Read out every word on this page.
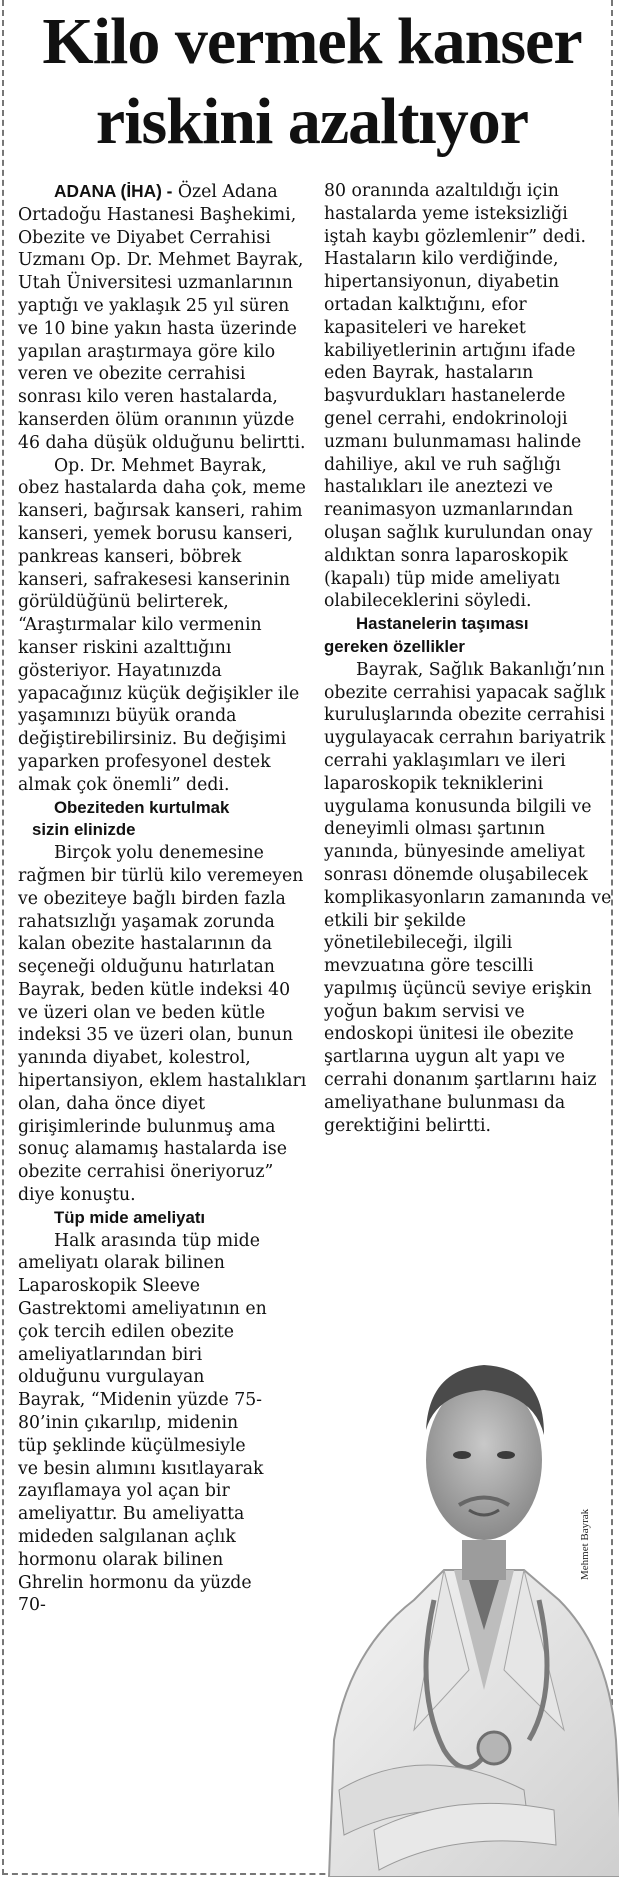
Kilo vermek kanser
riskini azaltıyor

ADANA (İHA) - Özel Adana Ortadoğu Hastanesi Başhekimi, Obezite ve Diyabet Cerrahisi Uzmanı Op. Dr. Mehmet Bayrak, Utah Üniversitesi uzmanlarının yaptığı ve yaklaşık 25 yıl süren ve 10 bine yakın hasta üzerinde yapılan araştırmaya göre kilo veren ve obezite cerrahisi sonrası kilo veren hastalarda, kanserden ölüm oranının yüzde 46 daha düşük olduğunu belirtti.

Op. Dr. Mehmet Bayrak, obez hastalarda daha çok, meme kanseri, bağırsak kanseri, rahim kanseri, yemek borusu kanseri, pankreas kanseri, böbrek kanseri, safrakesesi kanserinin görüldüğünü belirterek, “Araştırmalar kilo vermenin kanser riskini azalttığını gösteriyor. Hayatınızda yapacağınız küçük değişikler ile yaşamınızı büyük oranda değiştirebilirsiniz. Bu değişimi yaparken profesyonel destek almak çok önemli” dedi.

Obeziteden kurtulmak

sizin elinizde

Birçok yolu denemesine rağmen bir türlü kilo veremeyen ve obeziteye bağlı birden fazla rahatsızlığı yaşamak zorunda kalan obezite hastalarının da seçeneği olduğunu hatırlatan Bayrak, beden kütle indeksi 40 ve üzeri olan ve beden kütle indeksi 35 ve üzeri olan, bunun yanında diyabet, kolestrol, hipertansiyon, eklem hastalıkları olan, daha önce diyet girişimlerinde bulunmuş ama sonuç alamamış hastalarda ise obezite cerrahisi öneriyoruz” diye konuştu.

Tüp mide ameliyatı

Halk arasında tüp mide ameliyatı olarak bilinen Laparoskopik Sleeve Gastrektomi ameliyatının en çok tercih edilen obezite ameliyatlarından biri olduğunu vurgulayan Bayrak, “Midenin yüzde 75-80’inin çıkarılıp, midenin tüp şeklinde küçülmesiyle ve besin alımını kısıtlayarak zayıflamaya yol açan bir ameliyattır. Bu ameliyatta mideden salgılanan açlık hormonu olarak bilinen Ghrelin hormonu da yüzde 70-

80 oranında azaltıldığı için hastalarda yeme isteksizliği iştah kaybı gözlemlenir” dedi. Hastaların kilo verdiğinde, hipertansiyonun, diyabetin ortadan kalktığını, efor kapasiteleri ve hareket kabiliyetlerinin artığını ifade eden Bayrak, hastaların başvurdukları hastanelerde genel cerrahi, endokrinoloji uzmanı bulunmaması halinde dahiliye, akıl ve ruh sağlığı hastalıkları ile aneztezi ve reanimasyon uzmanlarından oluşan sağlık kurulundan onay aldıktan sonra laparoskopik (kapalı) tüp mide ameliyatı olabileceklerini söyledi.

Hastanelerin taşıması

gereken özellikler

Bayrak, Sağlık Bakanlığı’nın obezite cerrahisi yapacak sağlık kuruluşlarında obezite cerrahisi uygulayacak cerrahın bariyatrik cerrahi yaklaşımları ve ileri laparoskopik tekniklerini uygulama konusunda bilgili ve deneyimli olması şartının yanında, bünyesinde ameliyat sonrası dönemde oluşabilecek komplikasyonların zamanında ve etkili bir şekilde yönetilebileceği, ilgili mevzuatına göre tescilli yapılmış üçüncü seviye erişkin yoğun bakım servisi ve endoskopi ünitesi ile obezite şartlarına uygun alt yapı ve cerrahi donanım şartlarını haiz ameliyathane bulunması da gerektiğini belirtti.

Mehmet Bayrak
